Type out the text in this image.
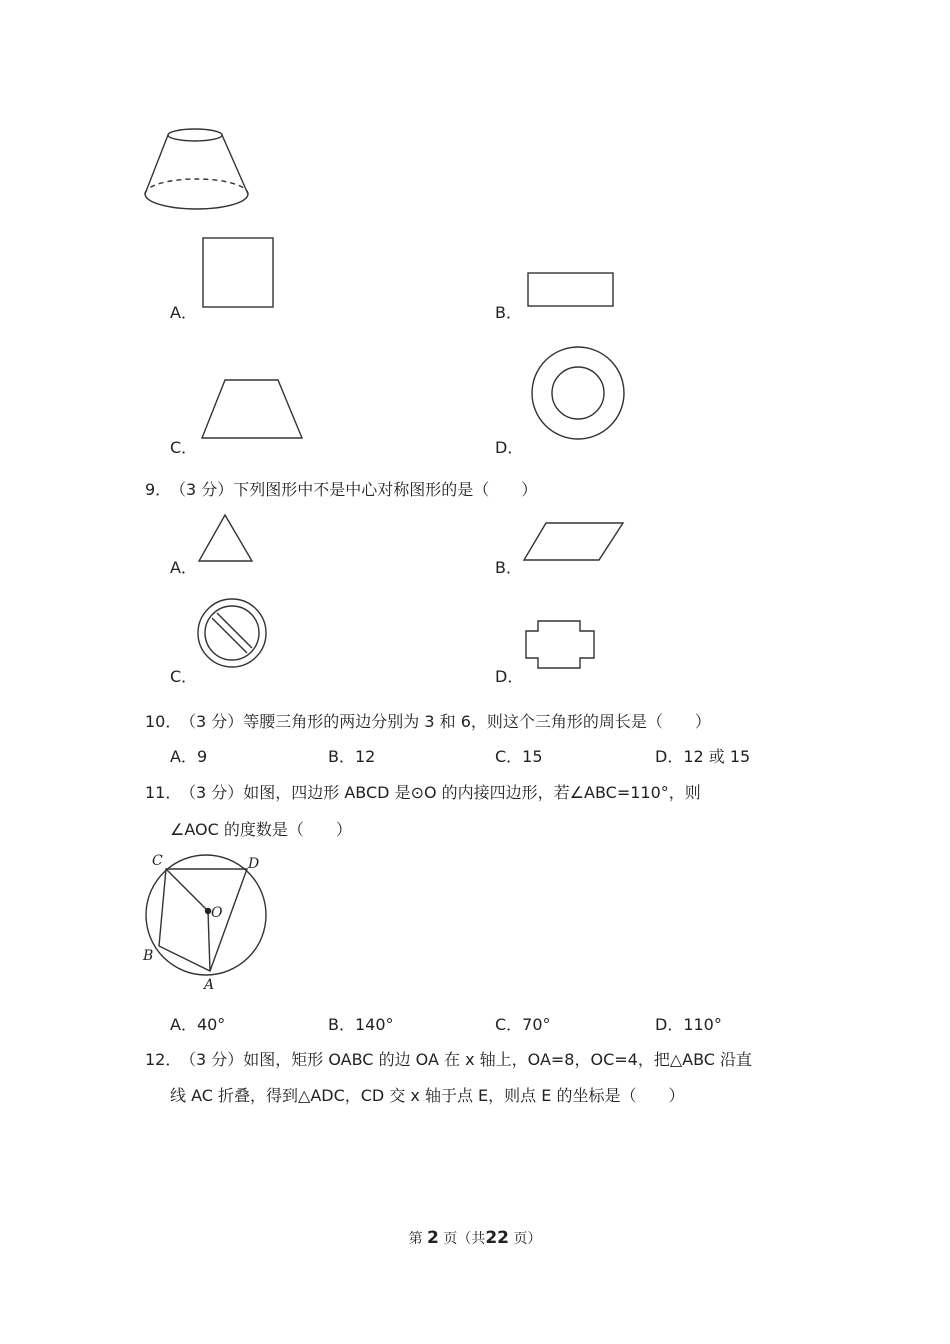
A．	B．
C．	D．
9．
（3 分）下列图形中不是中心对称图形的是（　　）
A．	B．
C．	D．
10．
（3 分）等腰三角形的两边分别为 3 和 6，则这个三角形的周长是（　　）
A．9	B．12	C．15	D．12 或 15
11．
（3 分）如图，四边形 ABCD 是⊙O 的内接四边形，若∠ABC=110°，则
∠AOC 的度数是（　　）
C	D
O
B
A
A．40°	B．140°	C．70°	D．110°
12．
（3 分）如图，矩形 OABC 的边 OA 在 x 轴上，OA=8，OC=4，把△ABC 沿直
线 AC 折叠，得到△ADC，CD 交 x 轴于点 E，则点 E 的坐标是（　　）
第 2 页（共22 页）
